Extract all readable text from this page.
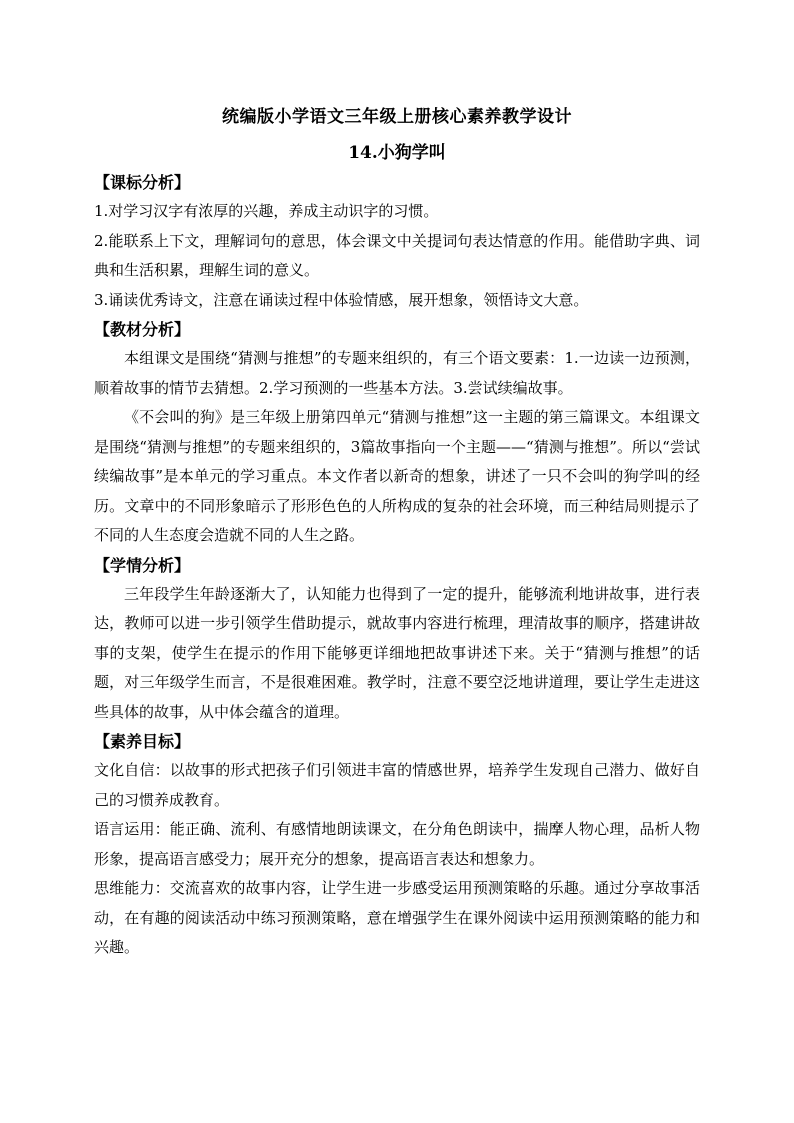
统编版小学语文三年级上册核心素养教学设计
14.小狗学叫

【课标分析】

1.对学习汉字有浓厚的兴趣，养成主动识字的习惯。

2.能联系上下文，理解词句的意思，体会课文中关提词句表达情意的作用。能借助字典、词典和生活积累，理解生词的意义。

3.诵读优秀诗文，注意在诵读过程中体验情感，展开想象，领悟诗文大意。

【教材分析】

本组课文是围绕“猜测与推想”的专题来组织的，有三个语文要素：1.一边读一边预测，顺着故事的情节去猜想。2.学习预测的一些基本方法。3.尝试续编故事。

《不会叫的狗》是三年级上册第四单元“猜测与推想”这一主题的第三篇课文。本组课文是围绕“猜测与推想”的专题来组织的，3篇故事指向一个主题——“猜测与推想”。所以“尝试续编故事”是本单元的学习重点。本文作者以新奇的想象，讲述了一只不会叫的狗学叫的经历。文章中的不同形象暗示了形形色色的人所构成的复杂的社会环境，而三种结局则提示了不同的人生态度会造就不同的人生之路。

【学情分析】

三年段学生年龄逐渐大了，认知能力也得到了一定的提升，能够流利地讲故事，进行表达，教师可以进一步引领学生借助提示，就故事内容进行梳理，理清故事的顺序，搭建讲故事的支架，使学生在提示的作用下能够更详细地把故事讲述下来。关于“猜测与推想”的话题，对三年级学生而言，不是很难困难。教学时，注意不要空泛地讲道理，要让学生走进这些具体的故事，从中体会蕴含的道理。

【素养目标】

文化自信：以故事的形式把孩子们引领进丰富的情感世界，培养学生发现自己潜力、做好自己的习惯养成教育。

语言运用：能正确、流利、有感情地朗读课文，在分角色朗读中，揣摩人物心理，品析人物形象，提高语言感受力；展开充分的想象，提高语言表达和想象力。

思维能力：交流喜欢的故事内容，让学生进一步感受运用预测策略的乐趣。通过分享故事活动，在有趣的阅读活动中练习预测策略，意在增强学生在课外阅读中运用预测策略的能力和兴趣。
